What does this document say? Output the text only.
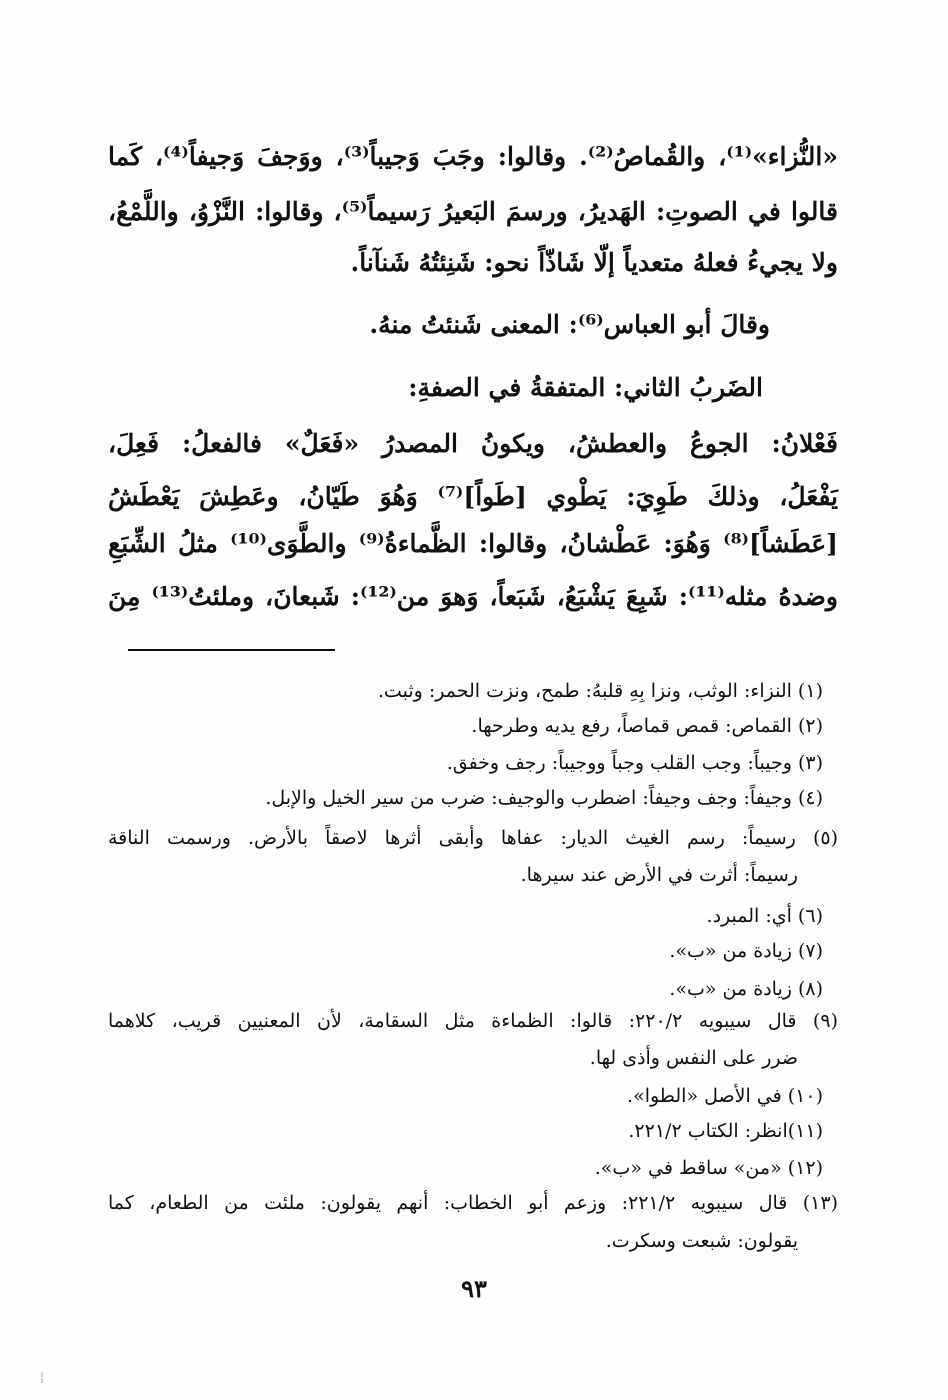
«النُّزاء»⁽¹⁾، والقُماصُ⁽²⁾. وقالوا: وجَبَ وَجيباً⁽³⁾، ووَجفَ وَجيفاً⁽⁴⁾، كَما
قالوا في الصوتِ: الهَديرُ، ورسمَ البَعيرُ رَسيماً⁽⁵⁾، وقالوا: النَّزْوُ، واللَّمْعُ،
ولا يجيءُ فعلهُ متعدياً إلّا شَاذّاً نحو: شَنِئتُهُ شَنآناً.
وقالَ أبو العباس⁽⁶⁾: المعنى شَنئتُ منهُ.
الضَربُ الثاني: المتفقةُ في الصفةِ:
فَعْلانُ: الجوعُ والعطشُ، ويكونُ المصدرُ «فَعَلٌ» فالفعلُ: فَعِلَ،
يَفْعَلُ، وذلكَ طَوِيَ: يَطْوي [طَواً]⁽⁷⁾ وَهُوَ طَيّانُ، وعَطِشَ يَعْطَشُ
[عَطَشاً]⁽⁸⁾ وَهُوَ: عَطْشانُ، وقالوا: الظَّماءةُ⁽⁹⁾ والطَّوَى⁽¹⁰⁾ مثلُ الشِّبَعِ
وضدهُ مثله⁽¹¹⁾: شَبِعَ يَشْبَعُ، شَبَعاً، وَهوَ من⁽¹²⁾: شَبعانَ، وملئتُ⁽¹³⁾ مِنَ
(١) النزاء: الوثب، ونزا بِهِ قلبهُ: طمح، ونزت الحمر: وثبت.
(٢) القماص: قمص قماصاً، رفع يديه وطرحها.
(٣) وجيباً: وجب القلب وجباً ووجيباً: رجف وخفق.
(٤) وجيفاً: وجف وجيفاً: اضطرب والوجيف: ضرب من سير الخيل والإبل.
(٥) رسيماً: رسم الغيث الديار: عفاها وأبقى أثرها لاصقاً بالأرض. ورسمت الناقة
رسيماً: أثرت في الأرض عند سيرها.
(٦) أي: المبرد.
(٧) زيادة من «ب».
(٨) زيادة من «ب».
(٩) قال سيبويه ٢٢٠/٢: قالوا: الظماءة مثل السقامة، لأن المعنيين قريب، كلاهما
ضرر على النفس وأذى لها.
(١٠) في الأصل «الطوا».
(١١)انظر: الكتاب ٢٢١/٢.
(١٢) «من» ساقط في «ب».
(١٣) قال سيبويه ٢٢١/٢: وزعم أبو الخطاب: أنهم يقولون: ملئت من الطعام، كما
يقولون: شبعت وسكرت.
٩٣
¦
